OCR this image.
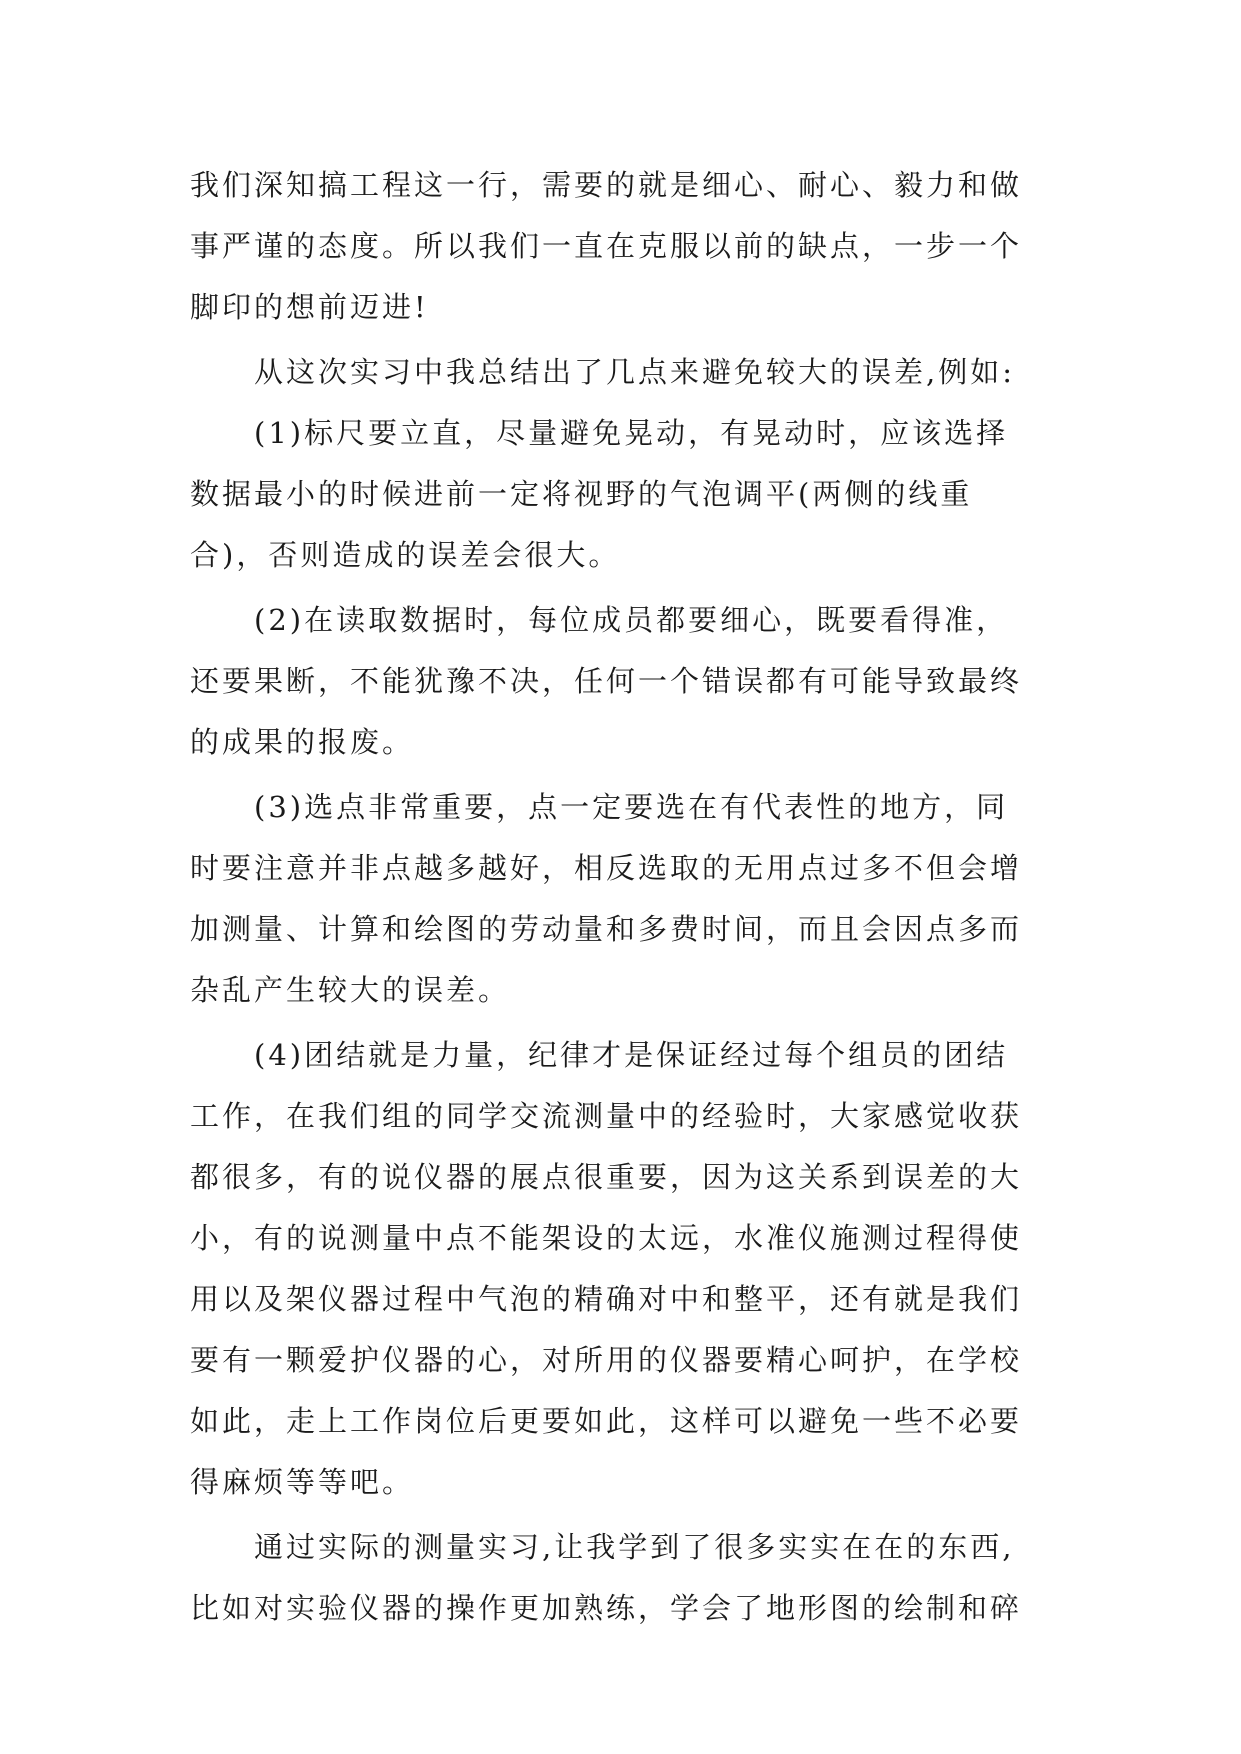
我们深知搞工程这一行，需要的就是细心、耐心、毅力和做
事严谨的态度。所以我们一直在克服以前的缺点，一步一个
脚印的想前迈进!
从这次实习中我总结出了几点来避免较大的误差,例如:
(1)标尺要立直，尽量避免晃动，有晃动时，应该选择
数据最小的时候进前一定将视野的气泡调平(两侧的线重
合)，否则造成的误差会很大。
(2)在读取数据时，每位成员都要细心，既要看得准，
还要果断，不能犹豫不决，任何一个错误都有可能导致最终
的成果的报废。
(3)选点非常重要，点一定要选在有代表性的地方，同
时要注意并非点越多越好，相反选取的无用点过多不但会增
加测量、计算和绘图的劳动量和多费时间，而且会因点多而
杂乱产生较大的误差。
(4)团结就是力量，纪律才是保证经过每个组员的团结
工作，在我们组的同学交流测量中的经验时，大家感觉收获
都很多，有的说仪器的展点很重要，因为这关系到误差的大
小，有的说测量中点不能架设的太远，水准仪施测过程得使
用以及架仪器过程中气泡的精确对中和整平，还有就是我们
要有一颗爱护仪器的心，对所用的仪器要精心呵护，在学校
如此，走上工作岗位后更要如此，这样可以避免一些不必要
得麻烦等等吧。
通过实际的测量实习,让我学到了很多实实在在的东西,
比如对实验仪器的操作更加熟练，学会了地形图的绘制和碎
